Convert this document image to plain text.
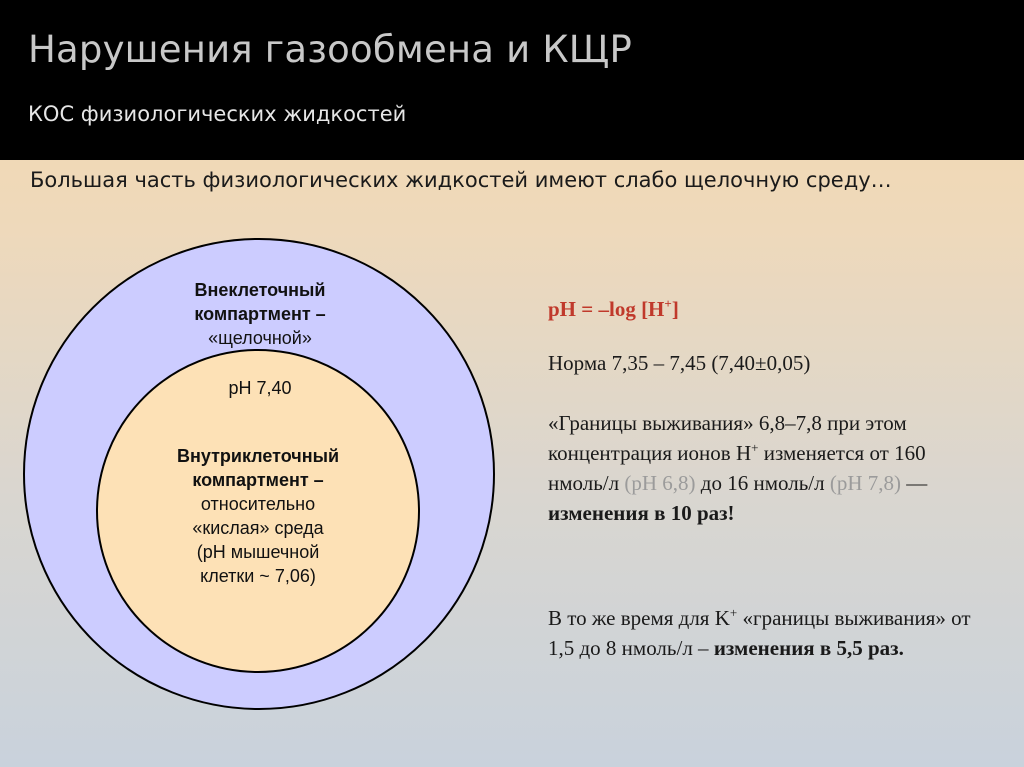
Нарушения газообмена и КЩР
КОС физиологических жидкостей
Большая часть физиологических жидкостей имеют слабо щелочную среду…
Внеклеточный
компартмент –
«щелочной»
pH 7,40
Внутриклеточный
компартмент –
относительно
«кислая» среда
(pH мышечной
клетки ~ 7,06)
pH = –log [H+]
Норма 7,35 – 7,45 (7,40±0,05)
«Границы выживания» 6,8–7,8 при этом концентрация ионов H+ изменяется от 160 нмоль/л (pH 6,8) до 16 нмоль/л (pH 7,8) — изменения в 10 раз!
В то же время для K+ «границы выживания» от 1,5 до 8 нмоль/л – изменения в 5,5 раз.
